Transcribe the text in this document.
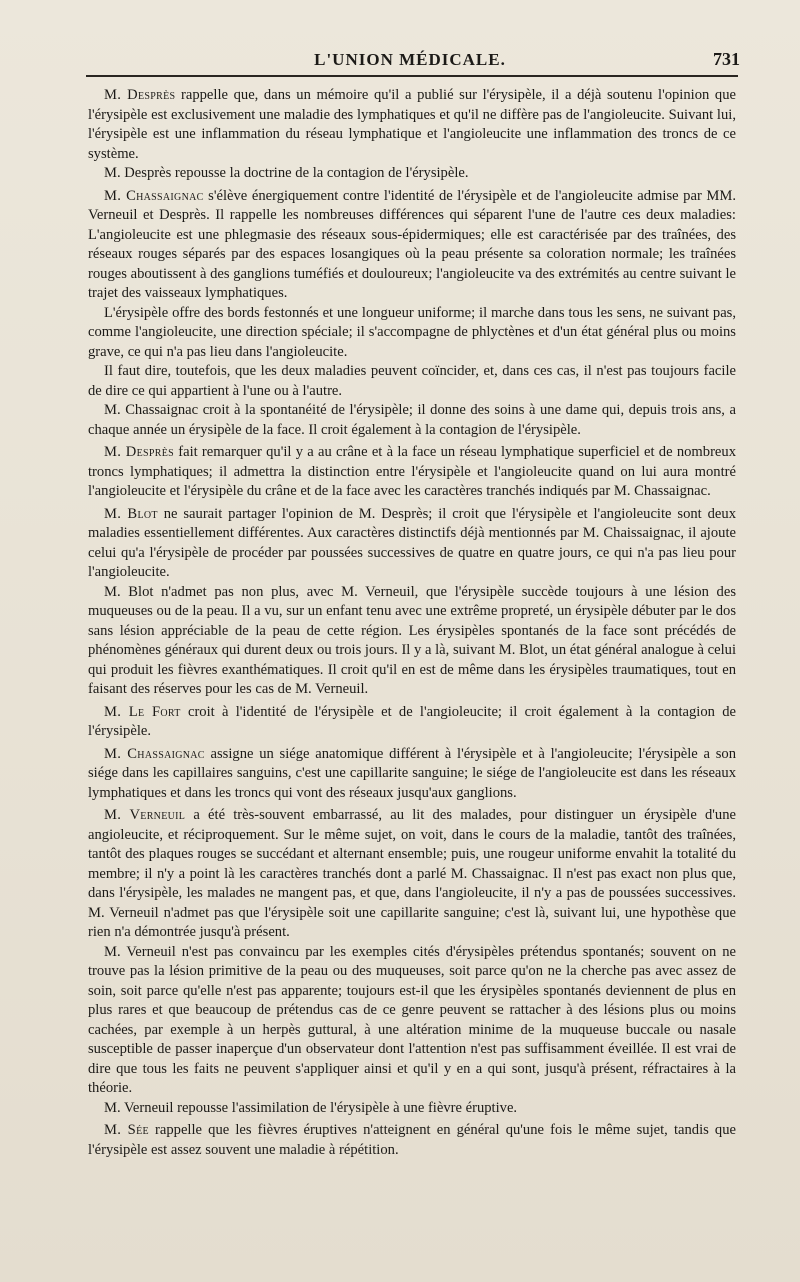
L'UNION MÉDICALE.	731

M. Desprès rappelle que, dans un mémoire qu'il a publié sur l'érysipèle, il a déjà soutenu l'opinion que l'érysipèle est exclusivement une maladie des lymphatiques et qu'il ne diffère pas de l'angioleucite. Suivant lui, l'érysipèle est une inflammation du réseau lymphatique et l'angioleucite une inflammation des troncs de ce système.

M. Desprès repousse la doctrine de la contagion de l'érysipèle.

M. Chassaignac s'élève énergiquement contre l'identité de l'érysipèle et de l'angioleucite admise par MM. Verneuil et Desprès. Il rappelle les nombreuses différences qui séparent l'une de l'autre ces deux maladies: L'angioleucite est une phlegmasie des réseaux sous-épidermiques; elle est caractérisée par des traînées, des réseaux rouges séparés par des espaces losangiques où la peau présente sa coloration normale; les traînées rouges aboutissent à des ganglions tuméfiés et douloureux; l'angioleucite va des extrémités au centre suivant le trajet des vaisseaux lymphatiques.

L'érysipèle offre des bords festonnés et une longueur uniforme; il marche dans tous les sens, ne suivant pas, comme l'angioleucite, une direction spéciale; il s'accompagne de phlyctènes et d'un état général plus ou moins grave, ce qui n'a pas lieu dans l'angioleucite.

Il faut dire, toutefois, que les deux maladies peuvent coïncider, et, dans ces cas, il n'est pas toujours facile de dire ce qui appartient à l'une ou à l'autre.

M. Chassaignac croit à la spontanéité de l'érysipèle; il donne des soins à une dame qui, depuis trois ans, a chaque année un érysipèle de la face. Il croit également à la contagion de l'érysipèle.

M. Desprès fait remarquer qu'il y a au crâne et à la face un réseau lymphatique superficiel et de nombreux troncs lymphatiques; il admettra la distinction entre l'érysipèle et l'angioleucite quand on lui aura montré l'angioleucite et l'érysipèle du crâne et de la face avec les caractères tranchés indiqués par M. Chassaignac.

M. Blot ne saurait partager l'opinion de M. Desprès; il croit que l'érysipèle et l'angioleucite sont deux maladies essentiellement différentes. Aux caractères distinctifs déjà mentionnés par M. Chaissaignac, il ajoute celui qu'a l'érysipèle de procéder par poussées successives de quatre en quatre jours, ce qui n'a pas lieu pour l'angioleucite.

M. Blot n'admet pas non plus, avec M. Verneuil, que l'érysipèle succède toujours à une lésion des muqueuses ou de la peau. Il a vu, sur un enfant tenu avec une extrême propreté, un érysipèle débuter par le dos sans lésion appréciable de la peau de cette région. Les érysipèles spontanés de la face sont précédés de phénomènes généraux qui durent deux ou trois jours. Il y a là, suivant M. Blot, un état général analogue à celui qui produit les fièvres exanthématiques. Il croit qu'il en est de même dans les érysipèles traumatiques, tout en faisant des réserves pour les cas de M. Verneuil.

M. Le Fort croit à l'identité de l'érysipèle et de l'angioleucite; il croit également à la contagion de l'érysipèle.

M. Chassaignac assigne un siége anatomique différent à l'érysipèle et à l'angioleucite; l'érysipèle a son siége dans les capillaires sanguins, c'est une capillarite sanguine; le siége de l'angioleucite est dans les réseaux lymphatiques et dans les troncs qui vont des réseaux jusqu'aux ganglions.

M. Verneuil a été très-souvent embarrassé, au lit des malades, pour distinguer un érysipèle d'une angioleucite, et réciproquement. Sur le même sujet, on voit, dans le cours de la maladie, tantôt des traînées, tantôt des plaques rouges se succédant et alternant ensemble; puis, une rougeur uniforme envahit la totalité du membre; il n'y a point là les caractères tranchés dont a parlé M. Chassaignac. Il n'est pas exact non plus que, dans l'érysipèle, les malades ne mangent pas, et que, dans l'angioleucite, il n'y a pas de poussées successives. M. Verneuil n'admet pas que l'érysipèle soit une capillarite sanguine; c'est là, suivant lui, une hypothèse que rien n'a démontrée jusqu'à présent.

M. Verneuil n'est pas convaincu par les exemples cités d'érysipèles prétendus spontanés; souvent on ne trouve pas la lésion primitive de la peau ou des muqueuses, soit parce qu'on ne la cherche pas avec assez de soin, soit parce qu'elle n'est pas apparente; toujours est-il que les érysipèles spontanés deviennent de plus en plus rares et que beaucoup de prétendus cas de ce genre peuvent se rattacher à des lésions plus ou moins cachées, par exemple à un herpès guttural, à une altération minime de la muqueuse buccale ou nasale susceptible de passer inaperçue d'un observateur dont l'attention n'est pas suffisamment éveillée. Il est vrai de dire que tous les faits ne peuvent s'appliquer ainsi et qu'il y en a qui sont, jusqu'à présent, réfractaires à la théorie.

M. Verneuil repousse l'assimilation de l'érysipèle à une fièvre éruptive.

M. Sée rappelle que les fièvres éruptives n'atteignent en général qu'une fois le même sujet, tandis que l'érysipèle est assez souvent une maladie à répétition.
